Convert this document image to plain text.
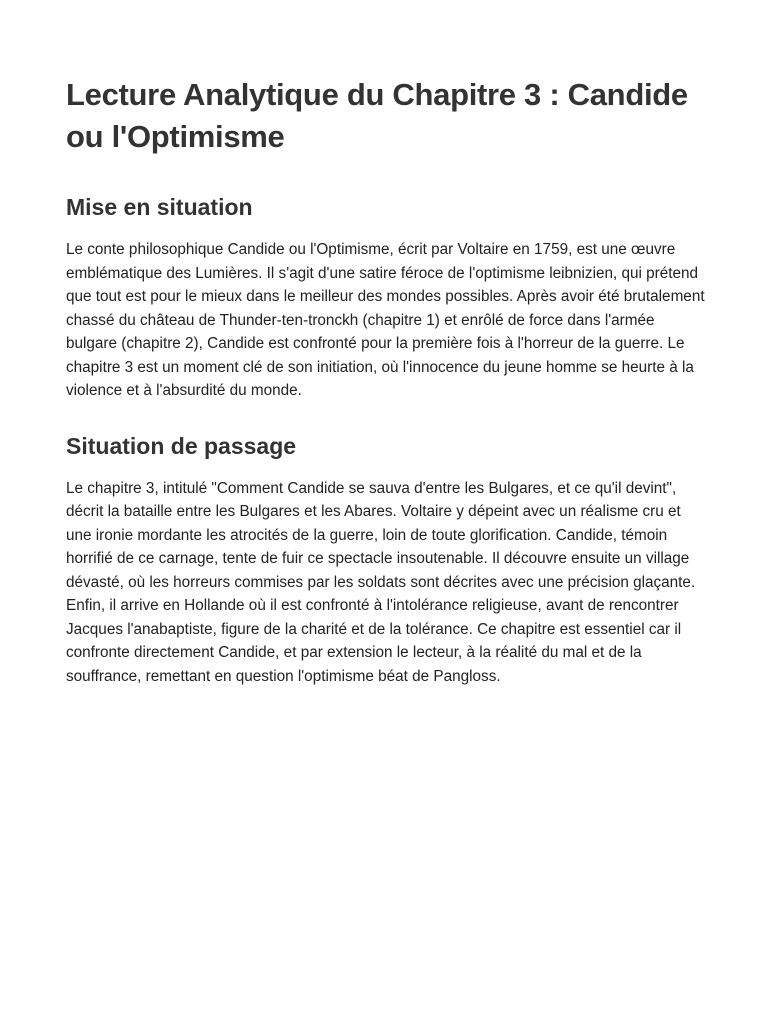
Lecture Analytique du Chapitre 3 : Candide ou l'Optimisme
Mise en situation

Le conte philosophique Candide ou l'Optimisme, écrit par Voltaire en 1759, est une œuvre emblématique des Lumières. Il s'agit d'une satire féroce de l'optimisme leibnizien, qui prétend que tout est pour le mieux dans le meilleur des mondes possibles. Après avoir été brutalement chassé du château de Thunder-ten-tronckh (chapitre 1) et enrôlé de force dans l'armée bulgare (chapitre 2), Candide est confronté pour la première fois à l'horreur de la guerre. Le chapitre 3 est un moment clé de son initiation, où l'innocence du jeune homme se heurte à la violence et à l'absurdité du monde.

Situation de passage

Le chapitre 3, intitulé "Comment Candide se sauva d'entre les Bulgares, et ce qu'il devint", décrit la bataille entre les Bulgares et les Abares. Voltaire y dépeint avec un réalisme cru et une ironie mordante les atrocités de la guerre, loin de toute glorification. Candide, témoin horrifié de ce carnage, tente de fuir ce spectacle insoutenable. Il découvre ensuite un village dévasté, où les horreurs commises par les soldats sont décrites avec une précision glaçante. Enfin, il arrive en Hollande où il est confronté à l'intolérance religieuse, avant de rencontrer Jacques l'anabaptiste, figure de la charité et de la tolérance. Ce chapitre est essentiel car il confronte directement Candide, et par extension le lecteur, à la réalité du mal et de la souffrance, remettant en question l'optimisme béat de Pangloss.
